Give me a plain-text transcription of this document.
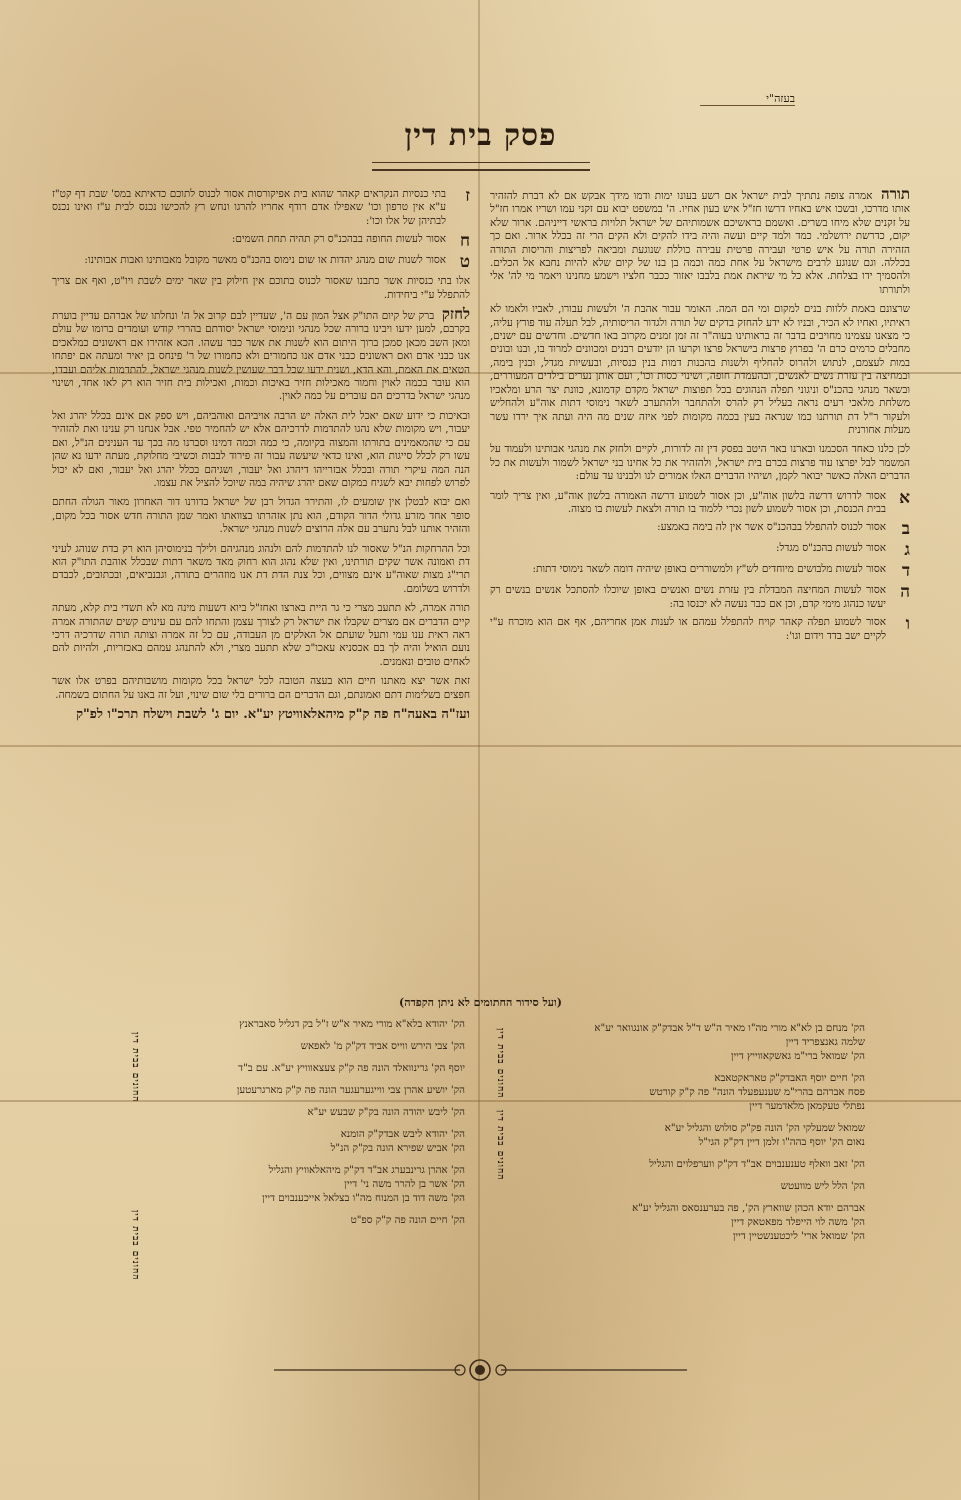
בעזה"י
פסק בית דין

תורה אמרה צופה נתתיך לבית ישראל אם רשע בעונו ימות ודמו מידך אבקש אם לא דברת להזהיר אותו מדרכו, ובשכו איש באחיו דרשו חז"ל איש בעון אחיו. ה' במשפט יבוא עם זקני עמו ושריו אמרו חז"ל על זקנים שלא מיחו בשרים. ואשמם בראשיכם אשמותיהם של ישראל תלויות בראשי דייניהם. ארור שלא יקום, כדרשת ירושלמי. כמד ולמד קיים ועשה והיה בידו להקים ולא הקים הרי זה בכלל ארור. ואם כך הזהירה תורה על איש פרטי ועבירה פרטית עבירה כוללת שנוגעת ומביאה לפריצות והריסות התורה בכללה. וגם שנוגע לרבים מישראל על אחת כמה וכמה בן בנו של קיום שלא להיות נחבא אל הכלים. ולהסמיך ידו בצלחת. אלא כל מי שיראת אמת בלבבו יאזור ככבר חלציו וישמע מחנינו ויאמר מי לה' אלי ולתורתו

שרצונם באמת ללוות בנים למקום ומי הם המה. האומר עבור אהבת ה' ולעשות עבורו, לאביו ולאמו לא ראיתיו, ואחיו לא הכיר, ובניו לא ידע להחזק בדקים של תורה ולגדור הריסותיה, לבל תעלה עוד פורץ עליה, כי מצאנו עצמינו מחויבים בדבר זה בראותינו בעוה"ר זה זמן זמנים מקרוב באו חדשים. וחדשים עם ישנים, מחבלים כרמים כרם ה' בפרוץ פרצות בישראל פרצו וקרעו הן יודעים רבנים ומכוונים למרוד בו, ובנו ובונים במות לעצמם, לנתוש ולהרוס להחליף ולשנות בהבנות דמות בנין כנסיות, ובעשיות מגדל, ובנין בימה, ובמחיצה בין עזרת נשים לאנשים, ובהעמדת חופה, ושינוי כסות וכו', ועם אותן נערים בילדים המעוררים, ובשאר מנהגי בהכנ"ס וניגוני תפלה הנהוגים בכל תפוצות ישראל מקדם קדמונא, כוונת יצר הרע ומלאכיו משלחת מלאכי רעים נראה בעליל רק להרס ולהתחבר ולהתערב לשאר נימוסי דתות אוה"ע ולהחליש ולעקור ר"ל דת תורתנו כמו שנראה בעין בכמה מקומות לפני איזה שנים מה היה ועתה איך ירדו עשר מעלות אחורנית

לכן כלנו כאחד הסכמנו ובארנו באר היטב בפסק דין זה לדורות, לקיים ולחזק את מנהגי אבותינו ולעמוד על המשמר לבל יפרצו עוד פרצות בכרם בית ישראל, ולהזהיר את כל אחינו בני ישראל לשמור ולעשות את כל הדברים האלה כאשר יבואר לקמן, ושיהיו הדברים האלו אמורים לנו ולבנינו עד עולם:

א
אסור לדרוש דרשה בלשון אוה"ע, וכן אסור לשמוע דרשה האמורה בלשון אוה"ע, ואין צריך לומר בבית הכנסת, וכן אסור לשמוע לשון נכרי ללמוד בו תורה ולצאת לעשות בו מצוה.
ב
אסור לכנוס להתפלל בבהכנ"ס אשר אין לה בימה באמצע:
ג
אסור לעשות בהכנ"ס מגדל:
ד
אסור לעשות מלבושים מיוחדים לש"ץ ולמשוררים באופן שיהיה דומה לשאר נימוסי דתות:
ה
אסור לעשות המחיצה המבדלת בין עזרת נשים ואנשים באופן שיוכלו להסתכל אנשים בנשים רק יעשו כנהוג מימי קדם, וכן אם כבר נעשה לא יכנסו בה:
ו
אסור לשמוע תפלה קאהר קויח להתפלל עמהם או לענות אמן אחריהם, אף אם הוא מוכרח ע"י לקיים ישב בדד וידום וגו':
ז
בתי כנסיות הנקראים קאהר שהוא בית אפיקורסות אסור לכנוס לתוכם כדאיתא במס' שבת דף קט"ז ע"א אין טרפון וכו' שאפילו אדם רודף אחריו להרגו ונחש רץ להכישו נכנס לבית ע"ז ואינו נכנס לבתיהן של אלו וכו':
ח
אסור לעשות החופה בבהכנ"ס רק תהיה תחת השמים:
ט
אסור לשנות שום מנהג יהדות או שום נימוס בהכנ"ס מאשר מקובל מאבותינו ואבות אבותינו:

אלו בתי כנסיות אשר כתבנו שאסור לכנוס בתוכם אין חילוק בין שאר ימים לשבת ויו"ט, ואף אם צריך להתפלל ע"י ביחידות.

לחזק ברק של קיום התו"ק אצל המון עם ה', שעדיין לבם קרוב אל ה' ונחלתו של אברהם עדיין בוערת בקרבם, למען ידעו ויבינו ברורה שכל מנהגי ונימוסי ישראל יסודתם בהררי קודש ועומדים ברומו של עולם ומאן השב מכאן סמכן ברוך היתום הוא לשנות את אשר כבר עשהו. הכא אזהירו אם ראשונים כמלאכים אנו כבני אדם ואם ראשונים כבני אדם אנו כחמורים ולא כחמורו של ר' פינחס בן יאיר ומעתה אם יפתחו הטאים את האמת, והא הדא, ושנית ידעו שכל דבר שעושין לשנות מנהגי ישראל, להתדמות אליהם ועבדו, הוא עובר בכמה לאוין וחמור מאכילות חזיר באיכות וכמות, ואכילות בית חזיר הוא רק לאו אחד, ושינוי מנהגי ישראל בדרכים הם עוברים על כמה לאוין.

ובאיכות כי ידוע שאם יאכל לית האלה יש הרבה אויביהם ואוהביהם, ויש ספק אם אינם בכלל יהרג ואל יעבור, ויש מקומות שלא נהגו להתדמות לדרכיהם אלא יש להחמיר טפי. אבל אנחנו רק ענינו ואת להזהיר עם כי שהמאמינים בתורתו והמצוה בקיומה, כי כמה וכמה דמינו וסברנו מה בכך עד הענינים הנ"ל, ואם עשו רק לכלל סייגות הוא, ואינו כדאי שיעשה עבור זה פירוד לבבות וכשיבי מחלוקת, מעתה ידעו נא שהן הנה המה עיקרי תורה ובכלל אבזרייהו דיהרג ואל יעבור, ושגיהם בכלל יהרג ואל יעבור, ואם לא יכול לפרוש לפחות יבא לשגיח במקום שאם יהרג שיהיה במה שיוכל להציל את עצמו.

ואם יבוא לבטלן אין שומעים לו, והתירר הגדול רבן של ישראל בדורנו דור האחרון מאור הגולה החתם סופר אחד מזרע גדולי הדור הקודם, הוא נתן אזהרתו בצוואתו ואמר שמן התורה חדש אסור בכל מקום, והזהיר אותנו לבל נתערב עם אלה הרוצים לשנות מנהגי ישראל.

וכל ההרחקות הנ"ל שאסור לנו להתדמות להם ולנהוג מנהגיהם ולילך בנימוסיהן הוא רק בדת שנוהג לעיני דת ואמונה אשר שקים תורתינו, ואין שלא נהוג הוא רחוק מאד משאר דתות שבכלל אוהבת התו"ק הוא תרי"ג מצות שאוה"ע אינם מצווים, וכל צנת הדת דת אנו מוזהרים בתורה, וגבנביאים, ובכתובים, לכבדם ולדרוש בשלומם.

תורה אמרה, לא תתעב מצרי כי גר היית בארצו ואחז"ל ביוא דשעות מינה מא לא תשדי בית קלא, מעתה קיים הדברים אם מצרים שקבלו את ישראל רק לצורך עצמן והתחו להם עם עינוים קשים שהתורה אמרה ראה ראית ענו עמי ותעל שועתם אל האלקים מן העבודה, עם כל זה אמרה וצותה תורה שדרכיה דרכי נועם הואיל והיה לך בם אכסניא עאכו"כ שלא תתעב מצרי, ולא להתנהג עמהם באכזריות, ולהיות להם לאחים טובים ונאמנים.

זאת אשר יצא מאתנו חיים הוא בעצה הטובה לכל ישראל בכל מקומות מושבותיהם בפרט אלו אשר חפצים בשלימות דתם ואמונתם, וגם הדברים הם ברורים בלי שום שינוי, ועל זה באנו על החתום בשמחה.

ועז"ה באעה"ח פה ק"ק מיהאלאוויטץ יע"א. יום ג' לשבת וישלח תרכ"ו לפ"ק

(ועל סידור החתומים לא ניתן הקפדה)

הק' מנחם בן לא"א מורי מה"ו מאיר ה"ש ד"ל אבדק"ק אונגוואר יע"א

שלמה גאנצפריד דיין

הק' שמואל ברי"מ גאשקאווייץ דיין

הק' חיים יוסף האבדק"ק טאראקטאבא

פסח אברהם בהרי"מ שענעפעלד הונה" פה ק"ק קורטש

נפתלי טעקמאן מלאדמער דיין

שמואל שמעלקי הק' הונה פק"ק סולוש והגליל יע"א

נאום הק' יוסף בהה"ו זלמן דיין דק"ק הגי"ל

הק' זאב וואלף טענענבוים אב"ד דק"ק ווערפלוים והגליל

הק' הלל ליש מוועטש

אברהם יודא הכהן שווארץ הק', פה בערענסאס והגליל יע"א

הק' משה לוי הייפלד מפאטאק דיין

הק' שמואל ארי' ליכטענשטיין דיין

הק' יהודא בלא"א מורי מאיר א"ש ז"ל בק דגליל סאבראנץ

הק' צבי הירש ווייס אביד דק"ק מ' לאפאש

יוסף הק' גרינוואלד הונה פה ק"ק צעצאווויץ יע"א. עם ב"ד

הק' יושיע אהרן צבי ווייגערעגער הונה פה ק"ק מארגרעטען

הק' ליבש יהודה הונה בק"ק שבעש יע"א

הק' יהודא ליבש אבדק"ק הומנא

הק' אביש שפירא הונה בק"ק הנ"ל

הק' אהרן גרינבערג אב"ד דק"ק מיהאלאוויץ והגליל

הק' אשר בן להרר משה ני' דיין

הק' משה דוד בן המנוח מה"ו בצלאל אייכענבוים דיין

הק' חיים הונה פה ק"ק ספ"ט

החונים בבית דין
החונים בבית דין
החונים בבית דין
החונים בבית דין
